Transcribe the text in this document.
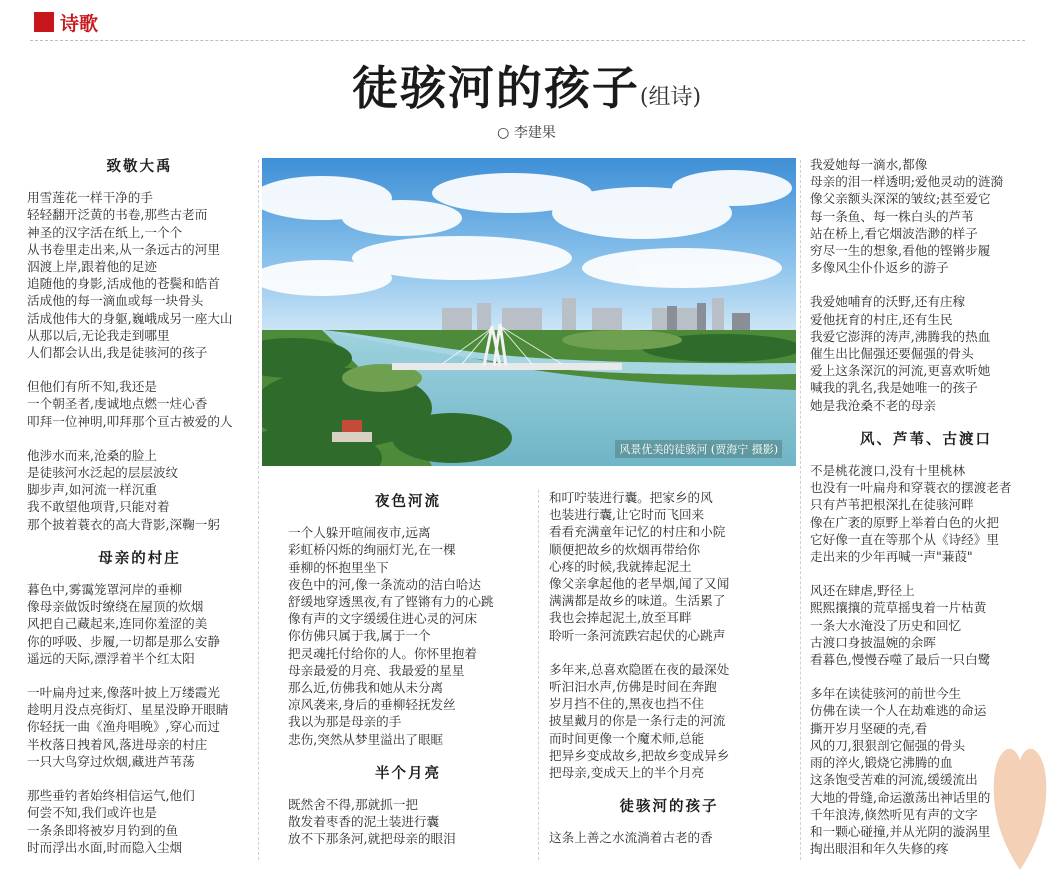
诗歌
徒骇河的孩子(组诗)
○ 李建果
致敬大禹

用雪莲花一样干净的手
轻轻翻开泛黄的书卷,那些古老而
神圣的汉字活在纸上,一个个
从书卷里走出来,从一条远古的河里
泅渡上岸,跟着他的足迹
追随他的身影,活成他的苍鬓和皓首
活成他的每一滴血或每一块骨头
活成他伟大的身躯,巍峨成另一座大山
从那以后,无论我走到哪里
人们都会认出,我是徒骇河的孩子

但他们有所不知,我还是
一个朝圣者,虔诚地点燃一炷心香
叩拜一位神明,叩拜那个亘古被爱的人

他涉水而来,沧桑的脸上
是徒骇河水泛起的层层波纹
脚步声,如河流一样沉重
我不敢望他项背,只能对着
那个披着蓑衣的高大背影,深鞠一躬

母亲的村庄

暮色中,雾霭笼罩河岸的垂柳
像母亲做饭时缭绕在屋顶的炊烟
风把自己藏起来,连同你羞涩的美
你的呼吸、步履,一切都是那么安静
遥远的天际,漂浮着半个红太阳

一叶扁舟过来,像落叶披上万缕霞光
趁明月没点亮街灯、星星没睁开眼睛
你轻抚一曲《渔舟唱晚》,穿心而过
半枚落日拽着风,落进母亲的村庄
一只大鸟穿过炊烟,藏进芦苇荡

那些垂钓者始终相信运气,他们
何尝不知,我们或许也是
一条条即将被岁月钓到的鱼
时而浮出水面,时而隐入尘烟

风景优美的徒骇河 (贾海宁 摄影)
夜色河流

一个人躲开喧闹夜市,远离
彩虹桥闪烁的绚丽灯光,在一棵
垂柳的怀抱里坐下
夜色中的河,像一条流动的洁白哈达
舒缓地穿透黑夜,有了铿锵有力的心跳
像有声的文字缓缓住进心灵的河床
你仿佛只属于我,属于一个
把灵魂托付给你的人。你怀里抱着
母亲最爱的月亮、我最爱的星星
那么近,仿佛我和她从未分离
凉风袭来,身后的垂柳轻抚发丝
我以为那是母亲的手
悲伤,突然从梦里溢出了眼眶

半个月亮

既然舍不得,那就抓一把
散发着枣香的泥土装进行囊
放不下那条河,就把母亲的眼泪

和叮咛装进行囊。把家乡的风
也装进行囊,让它时而飞回来
看看充满童年记忆的村庄和小院
顺便把故乡的炊烟再带给你
心疼的时候,我就捧起泥土
像父亲拿起他的老旱烟,闻了又闻
满满都是故乡的味道。生活累了
我也会捧起泥土,放至耳畔
聆听一条河流跌宕起伏的心跳声

多年来,总喜欢隐匿在夜的最深处
听汩汩水声,仿佛是时间在奔跑
岁月挡不住的,黑夜也挡不住
披星戴月的你是一条行走的河流
而时间更像一个魔术师,总能
把异乡变成故乡,把故乡变成异乡
把母亲,变成天上的半个月亮

徒骇河的孩子

这条上善之水流淌着古老的香

我爱她每一滴水,都像
母亲的泪一样透明;爱他灵动的涟漪
像父亲额头深深的皱纹;甚至爱它
每一条鱼、每一株白头的芦苇
站在桥上,看它烟波浩渺的样子
穷尽一生的想象,看他的铿锵步履
多像风尘仆仆返乡的游子

我爱她哺育的沃野,还有庄稼
爱他抚育的村庄,还有生民
我爱它澎湃的涛声,沸腾我的热血
催生出比倔强还要倔强的骨头
爱上这条深沉的河流,更喜欢听她
喊我的乳名,我是她唯一的孩子
她是我沧桑不老的母亲

风、芦苇、古渡口

不是桃花渡口,没有十里桃林
也没有一叶扁舟和穿蓑衣的摆渡老者
只有芦苇把根深扎在徒骇河畔
像在广袤的原野上举着白色的火把
它好像一直在等那个从《诗经》里
走出来的少年再喊一声"蒹葭"

风还在肆虐,野径上
熙熙攘攘的荒草摇曳着一片枯黄
一条大水淹没了历史和回忆
古渡口身披温婉的余晖
看暮色,慢慢吞噬了最后一只白鹭

多年在读徒骇河的前世今生
仿佛在读一个人在劫难逃的命运
撕开岁月坚硬的壳,看
风的刀,狠狠剖它倔强的骨头
雨的淬火,锻烧它沸腾的血
这条饱受苦难的河流,缓缓流出
大地的骨缝,命运激荡出神话里的
千年浪涛,倏然听见有声的文字
和一颗心碰撞,并从光阴的漩涡里
掏出眼泪和年久失修的疼
